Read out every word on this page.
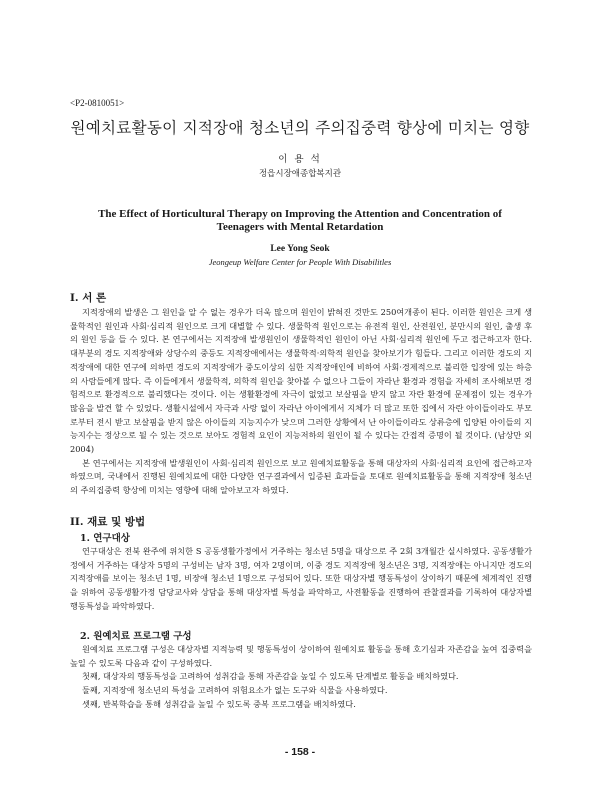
<P2-0810051>
원예치료활동이 지적장애 청소년의 주의집중력 향상에 미치는 영향
이 용 석
정읍시장애종합복지관
The Effect of Horticultural Therapy on Improving the Attention and Concentration of Teenagers with Mental Retardation
Lee Yong Seok
Jeongeup Welfare Center for People With Disabilitles
I. 서 론

지적장애의 발생은 그 원인을 알 수 없는 경우가 더욱 많으며 원인이 밝혀진 것만도 250여개종이 된다. 이러한 원인은 크게 생물학적인 원인과 사회·심리적 원인으로 크게 대별할 수 있다. 생물학적 원인으로는 유전적 원인, 산전원인, 분만시의 원인, 출생 후의 원인 등을 들 수 있다. 본 연구에서는 지적장애 발생원인이 생물학적인 원인이 아닌 사회·심리적 원인에 두고 접근하고자 한다. 대부분의 경도 지적장애와 상당수의 중등도 지적장애에서는 생물학적·의학적 원인을 찾아보기가 힘들다. 그리고 이러한 경도의 지적장애에 대한 연구에 의하면 경도의 지적장애가 중도이상의 심한 지적장애인에 비하여 사회·경제적으로 불리한 입장에 있는 하층의 사람들에게 많다. 즉 이들에게서 생물학적, 의학적 원인을 찾아볼 수 없으나 그들이 자라난 환경과 경험을 자세히 조사해보면 경험적으로 환경적으로 불리했다는 것이다. 이는 생활환경에 자극이 없었고 보살핌을 받지 않고 자란 환경에 문제점이 있는 경우가 많음을 발견 할 수 있었다. 생활시설에서 자극과 사랑 없이 자라난 아이에게서 지체가 더 많고 또한 집에서 자란 아이들이라도 부모로부터 전시 받고 보살핌을 받지 않은 아이들의 지능지수가 낮으며 그러한 상황에서 난 아이들이라도 상류층에 입양된 아이들의 지능지수는 정상으로 될 수 있는 것으로 보아도 경험적 요인이 지능저하의 원인이 될 수 있다는 간접적 증명이 될 것이다. (남상만 외 2004)

본 연구에서는 지적장애 발생원인이 사회·심리적 원인으로 보고 원예치료활동을 통해 대상자의 사회·심리적 요인에 접근하고자 하였으며, 국내에서 진행된 원예치료에 대한 다양한 연구결과에서 입증된 효과들을 토대로 원예치료활동을 통해 지적장애 청소년의 주의집중력 향상에 미치는 영향에 대해 알아보고자 하였다.

II. 재료 및 방법
1. 연구대상

연구대상은 전북 완주에 위치한 S 공동생활가정에서 거주하는 청소년 5명을 대상으로 주 2회 3개월간 실시하였다. 공동생활가정에서 거주하는 대상자 5명의 구성비는 남자 3명, 여자 2명이며, 이중 경도 지적장애 청소년은 3명, 지적장애는 아니지만 경도의 지적장애를 보이는 청소년 1명, 비장애 청소년 1명으로 구성되어 있다. 또한 대상자별 행동특성이 상이하기 때문에 체계적인 진행을 위하여 공동생활가정 담당교사와 상담을 통해 대상자별 특성을 파악하고, 사전활동을 진행하여 관찰결과를 기록하여 대상자별 행동특성을 파악하였다.

2. 원예치료 프로그램 구성

원예치료 프로그램 구성은 대상자별 지적능력 및 행동특성이 상이하여 원예치료 활동을 통해 호기심과 자존감을 높여 집중력을 높일 수 있도록 다음과 같이 구성하였다.

첫째, 대상자의 행동특성을 고려하여 성취감을 통해 자존감을 높일 수 있도록 단계별로 활동을 배치하였다.

둘째, 지적장애 청소년의 특성을 고려하여 위험요소가 없는 도구와 식물을 사용하였다.

셋째, 반복학습을 통해 성취감을 높일 수 있도록 중복 프로그램을 배치하였다.

- 158 -
